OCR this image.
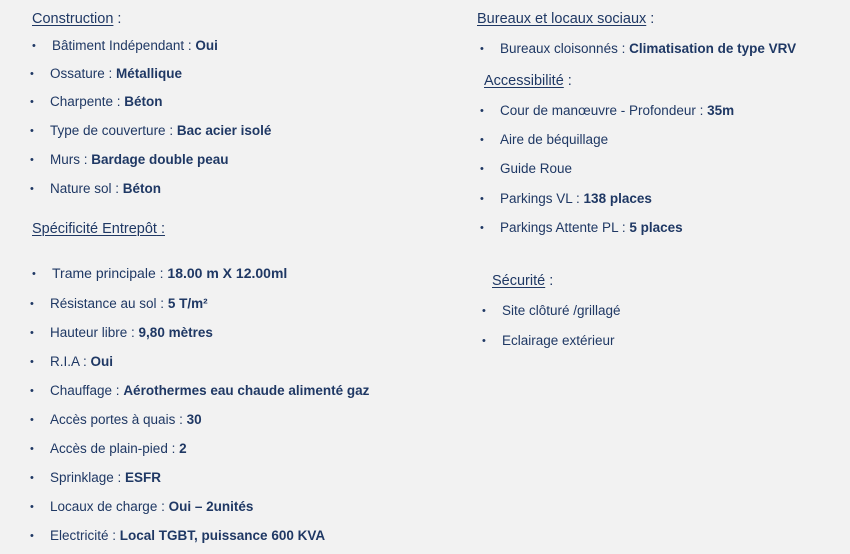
Construction :
• Bâtiment Indépendant : Oui
• Ossature : Métallique
• Charpente : Béton
• Type de couverture : Bac acier isolé
• Murs : Bardage double peau
• Nature sol : Béton
Spécificité Entrepôt :
• Trame principale : 18.00 m X 12.00ml
• Résistance au sol : 5 T/m²
• Hauteur libre : 9,80 mètres
• R.I.A : Oui
• Chauffage : Aérothermes eau chaude alimenté gaz
• Accès portes à quais : 30
• Accès de plain-pied : 2
• Sprinklage : ESFR
• Locaux de charge : Oui – 2unités
• Electricité : Local TGBT, puissance 600 KVA
Bureaux et locaux sociaux :
• Bureaux cloisonnés : Climatisation de type VRV
Accessibilité :
• Cour de manœuvre - Profondeur : 35m
• Aire de béquillage
• Guide Roue
• Parkings VL : 138 places
• Parkings Attente PL : 5 places
Sécurité :
• Site clôturé /grillagé
• Eclairage extérieur
